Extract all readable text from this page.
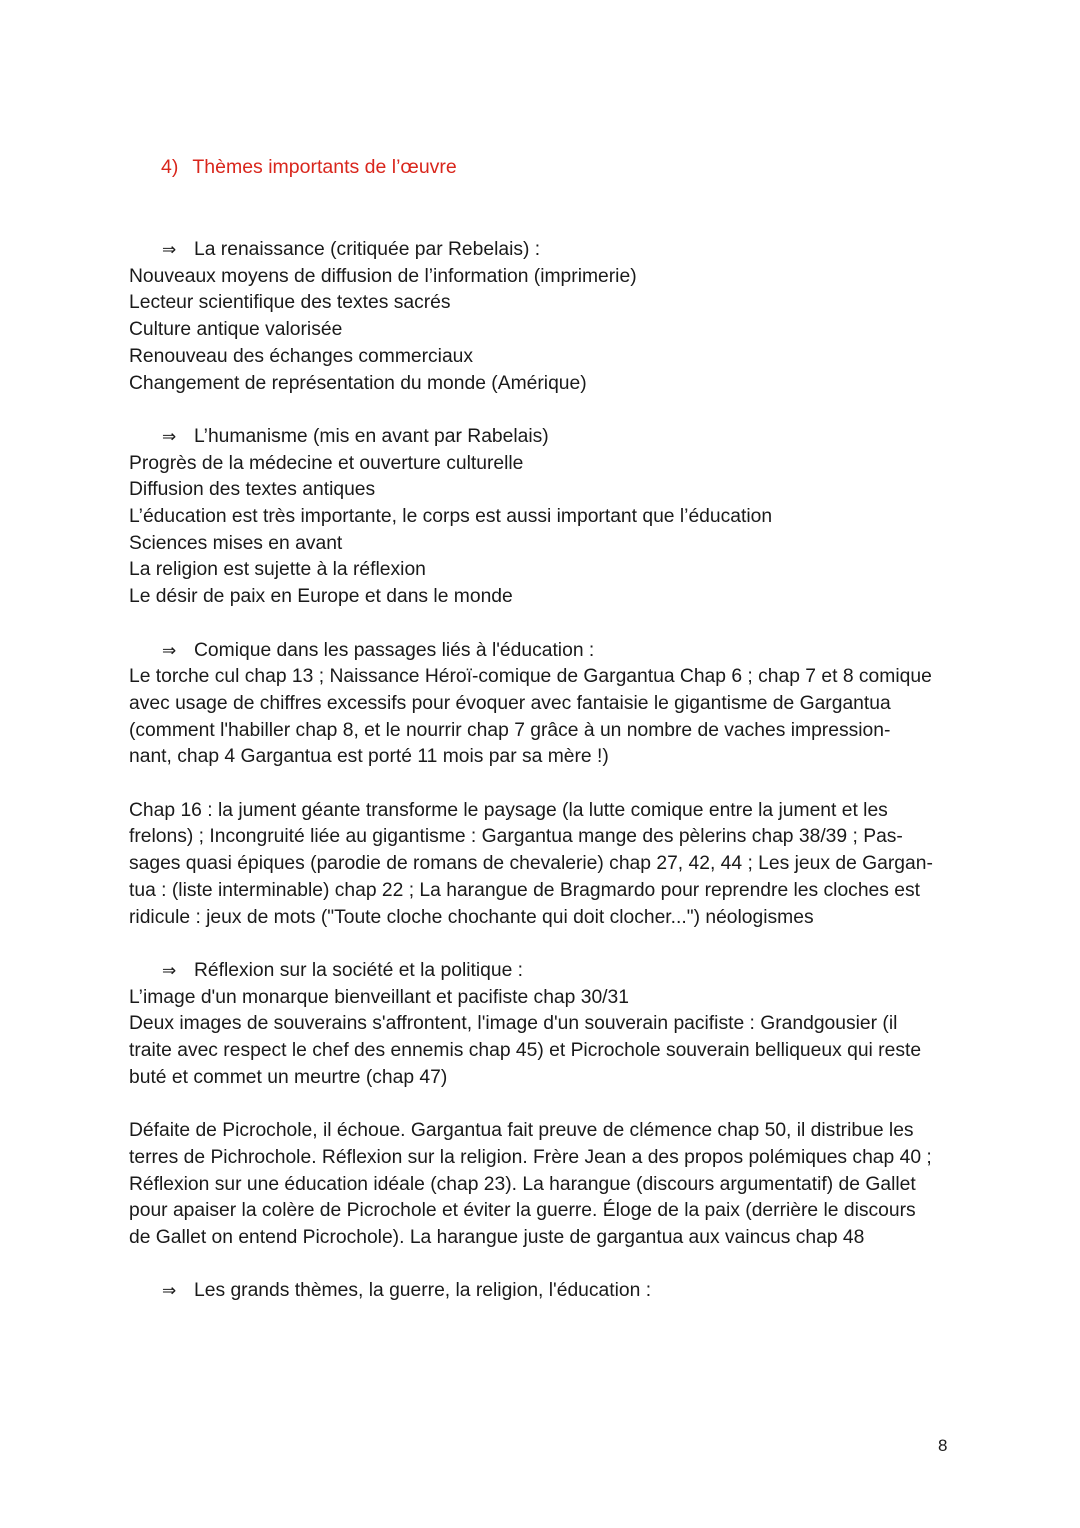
4) Thèmes importants de l’œuvre
⇒ La renaissance (critiquée par Rebelais) :
Nouveaux moyens de diffusion de l’information (imprimerie)
Lecteur scientifique des textes sacrés
Culture antique valorisée
Renouveau des échanges commerciaux
Changement de représentation du monde (Amérique)
⇒ L’humanisme (mis en avant par Rabelais)
Progrès de la médecine et ouverture culturelle
Diffusion des textes antiques
L’éducation est très importante, le corps est aussi important que l’éducation
Sciences mises en avant
La religion est sujette à la réflexion
Le désir de paix en Europe et dans le monde
⇒ Comique dans les passages liés à l'éducation :

Le torche cul chap 13 ; Naissance Héroï-comique de Gargantua Chap 6 ; chap 7 et 8 comique
avec usage de chiffres excessifs pour évoquer avec fantaisie le gigantisme de Gargantua
(comment l'habiller chap 8, et le nourrir chap 7 grâce à un nombre de vaches impression-
nant, chap 4 Gargantua est porté 11 mois par sa mère !)

Chap 16 : la jument géante transforme le paysage (la lutte comique entre la jument et les
frelons) ; Incongruité liée au gigantisme : Gargantua mange des pèlerins chap 38/39 ; Pas-
sages quasi épiques (parodie de romans de chevalerie) chap 27, 42, 44 ; Les jeux de Gargan-
tua : (liste interminable) chap 22 ; La harangue de Bragmardo pour reprendre les cloches est
ridicule : jeux de mots ("Toute cloche chochante qui doit clocher...") néologismes

⇒ Réflexion sur la société et la politique :

L’image d'un monarque bienveillant et pacifiste chap 30/31
Deux images de souverains s'affrontent, l'image d'un souverain pacifiste : Grandgousier (il
traite avec respect le chef des ennemis chap 45) et Picrochole souverain belliqueux qui reste
buté et commet un meurtre (chap 47)

Défaite de Picrochole, il échoue. Gargantua fait preuve de clémence chap 50, il distribue les
terres de Pichrochole. Réflexion sur la religion. Frère Jean a des propos polémiques chap 40 ;
Réflexion sur une éducation idéale (chap 23). La harangue (discours argumentatif) de Gallet
pour apaiser la colère de Picrochole et éviter la guerre. Éloge de la paix (derrière le discours
de Gallet on entend Picrochole). La harangue juste de gargantua aux vaincus chap 48

⇒ Les grands thèmes, la guerre, la religion, l'éducation :
8
